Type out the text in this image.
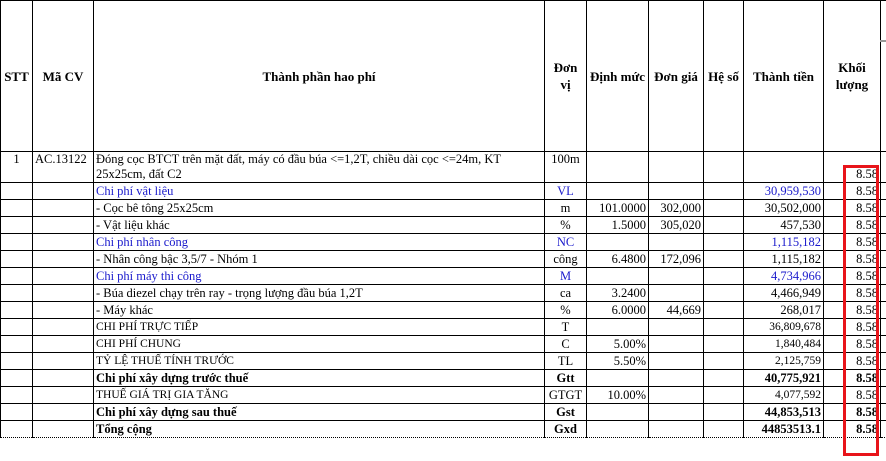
STT	Mã CV	Thành phần hao phí	Đơn vị	Định mức	Đơn giá	Hệ số	Thành tiền	Khối lượng	
1	AC.13122	Đóng cọc BTCT trên mặt đất, máy có đầu búa <=1,2T, chiều dài cọc <=24m, KT 25x25cm, đất C2	100m					8.58	
		Chi phí vật liệu	VL				30,959,530	8.58	
		- Cọc bê tông 25x25cm	m	101.0000	302,000		30,502,000	8.58	
		- Vật liệu khác	%	1.5000	305,020		457,530	8.58	
		Chi phí nhân công	NC				1,115,182	8.58	
		- Nhân công bậc 3,5/7 - Nhóm 1	công	6.4800	172,096		1,115,182	8.58	
		Chi phí máy thi công	M				4,734,966	8.58	
		- Búa diezel chạy trên ray - trọng lượng đầu búa 1,2T	ca	3.2400			4,466,949	8.58	
		- Máy khác	%	6.0000	44,669		268,017	8.58	
		CHI PHÍ TRỰC TIẾP	T				36,809,678	8.58	
		CHI PHÍ CHUNG	C	5.00%			1,840,484	8.58	
		TỶ LỆ THUẾ TÍNH TRƯỚC	TL	5.50%			2,125,759	8.58	
		Chi phí xây dựng trước thuế	Gtt				40,775,921	8.58	
		THUẾ GIÁ TRỊ GIA TĂNG	GTGT	10.00%			4,077,592	8.58	
		Chi phí xây dựng sau thuế	Gst				44,853,513	8.58	
		Tổng cộng	Gxd				44853513.1	8.58	
